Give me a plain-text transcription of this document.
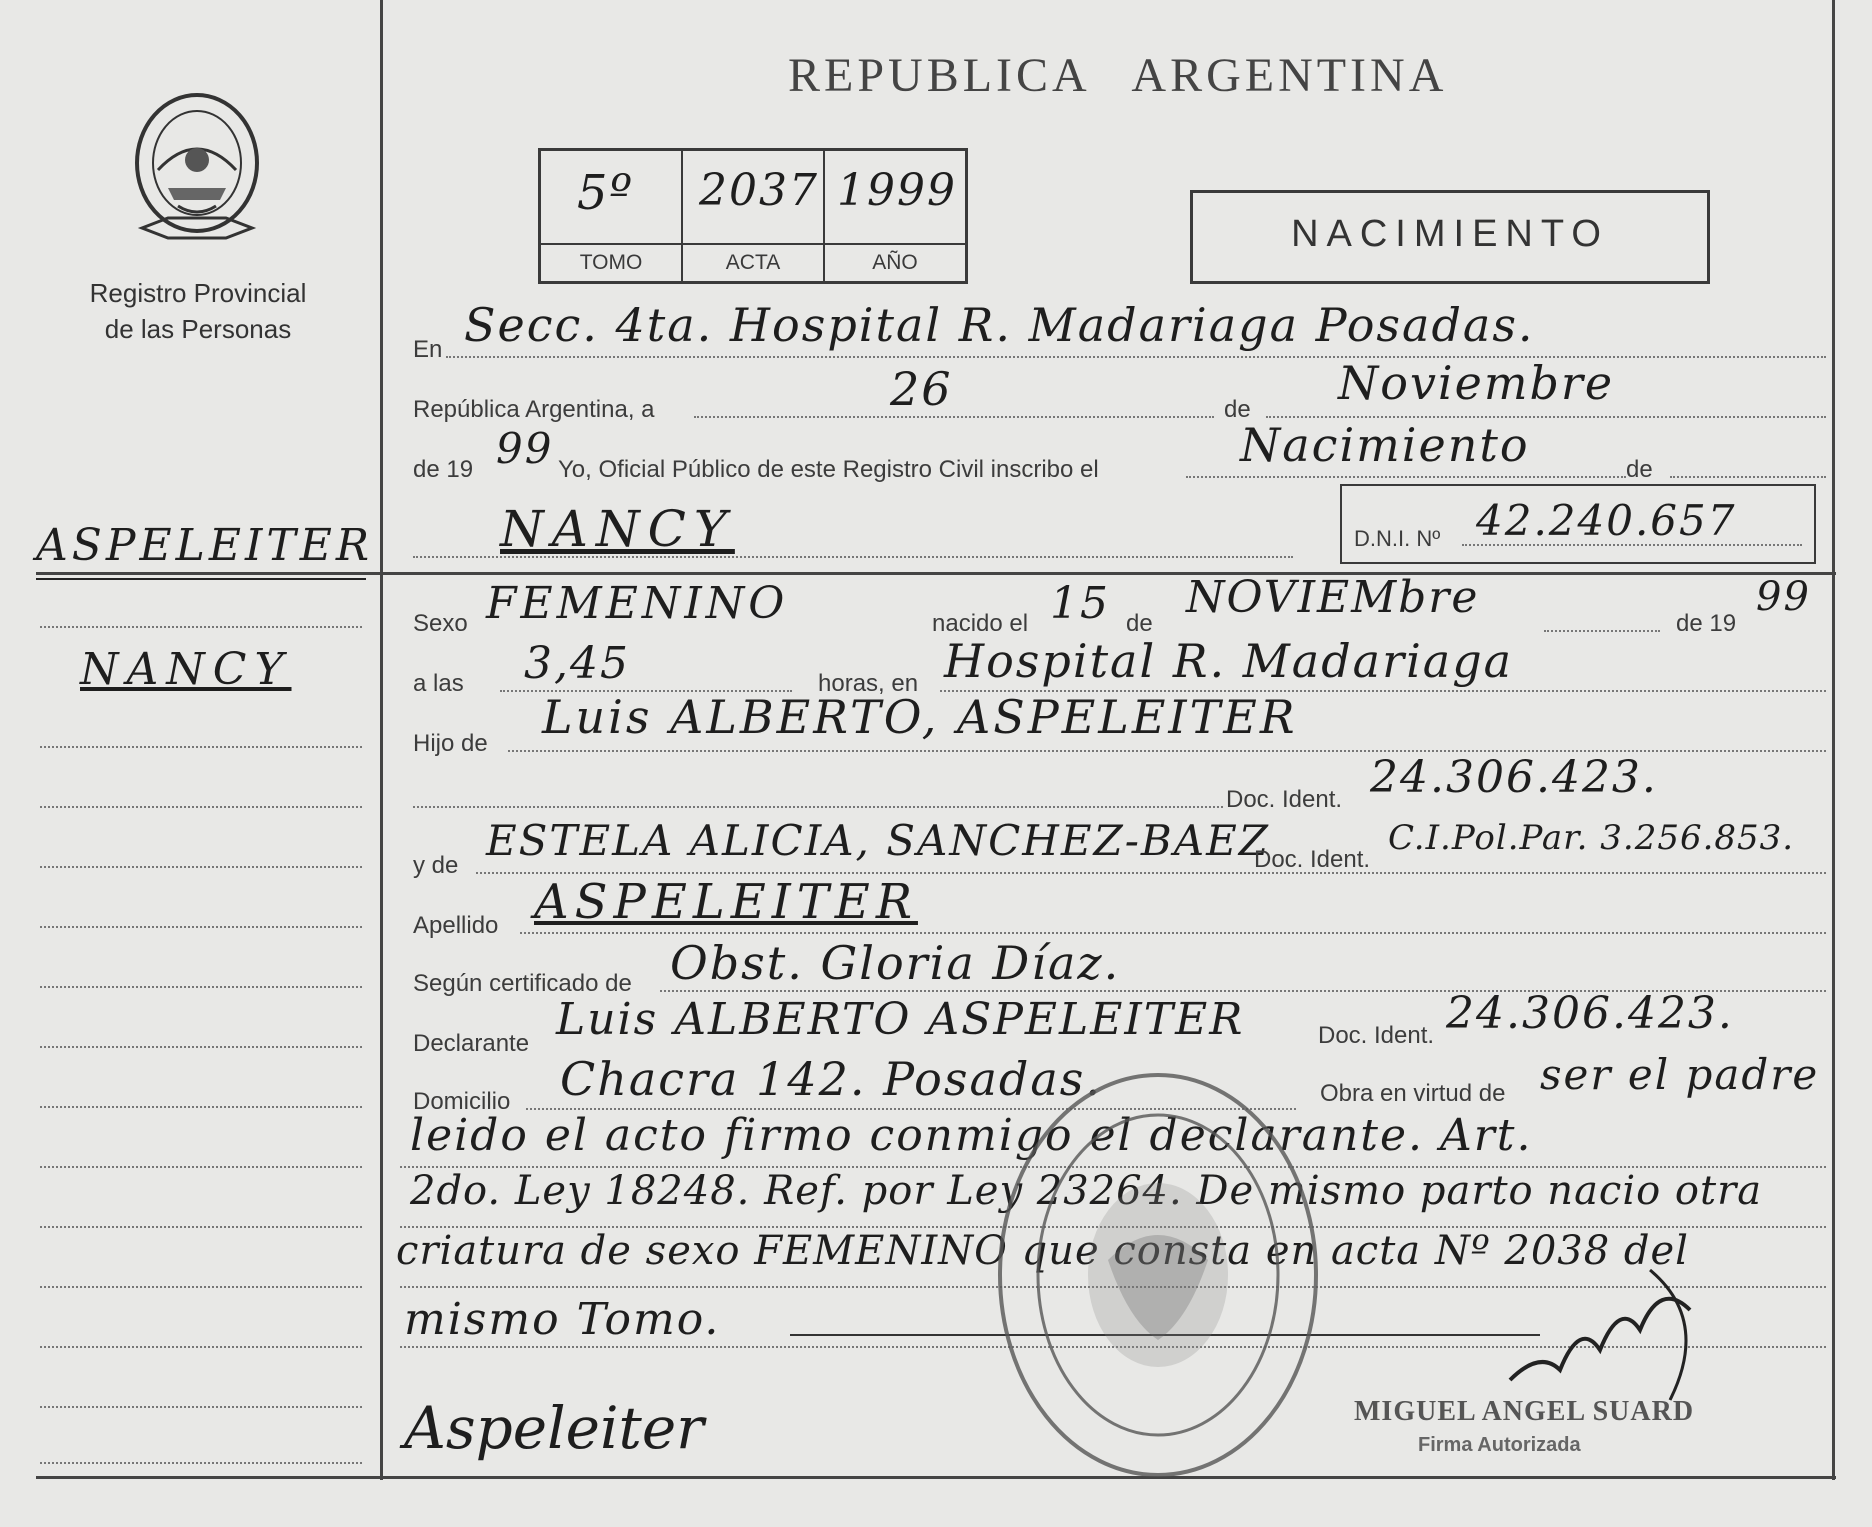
Registro Provincial
de las Personas
REPUBLICA ARGENTINA
5º 2037 1999
TOMO	ACTA	AÑO
NACIMIENTO
En Secc. 4ta. Hospital R. Madariaga Posadas.
República Argentina, a	26	de Noviembre
de 19 99 Yo, Oficial Público de este Registro Civil inscribo el	Nacimiento	de
NANCY	D.N.I. Nº 42.240.657
ASPELEITER
NANCY
Sexo FEMENINO	nacido el 15 de
NOVIEMbre
de 19
99
a las 3,45	horas, en Hospital R. Madariaga
Hijo de Luis ALBERTO, ASPELEITER
Doc. Ident. 24.306.423.
y de
ESTELA ALICIA, SANCHEZ-BAEZ
Doc. Ident.
C.I.Pol.Par. 3.256.853.
Apellido ASPELEITER
Según certificado de Obst. Gloria Díaz.
Declarante Luis ALBERTO ASPELEITER	Doc. Ident. 24.306.423.
Domicilio Chacra 142. Posadas.	Obra en virtud de ser el padre
leido el acto firmo conmigo el declarante. Art.
2do. Ley 18248. Ref. por Ley 23264. De mismo parto nacio otra
criatura de sexo FEMENINO que consta en acta Nº 2038 del
mismo Tomo.
Aspeleiter	MIGUEL ANGEL SUARD
Firma Autorizada
